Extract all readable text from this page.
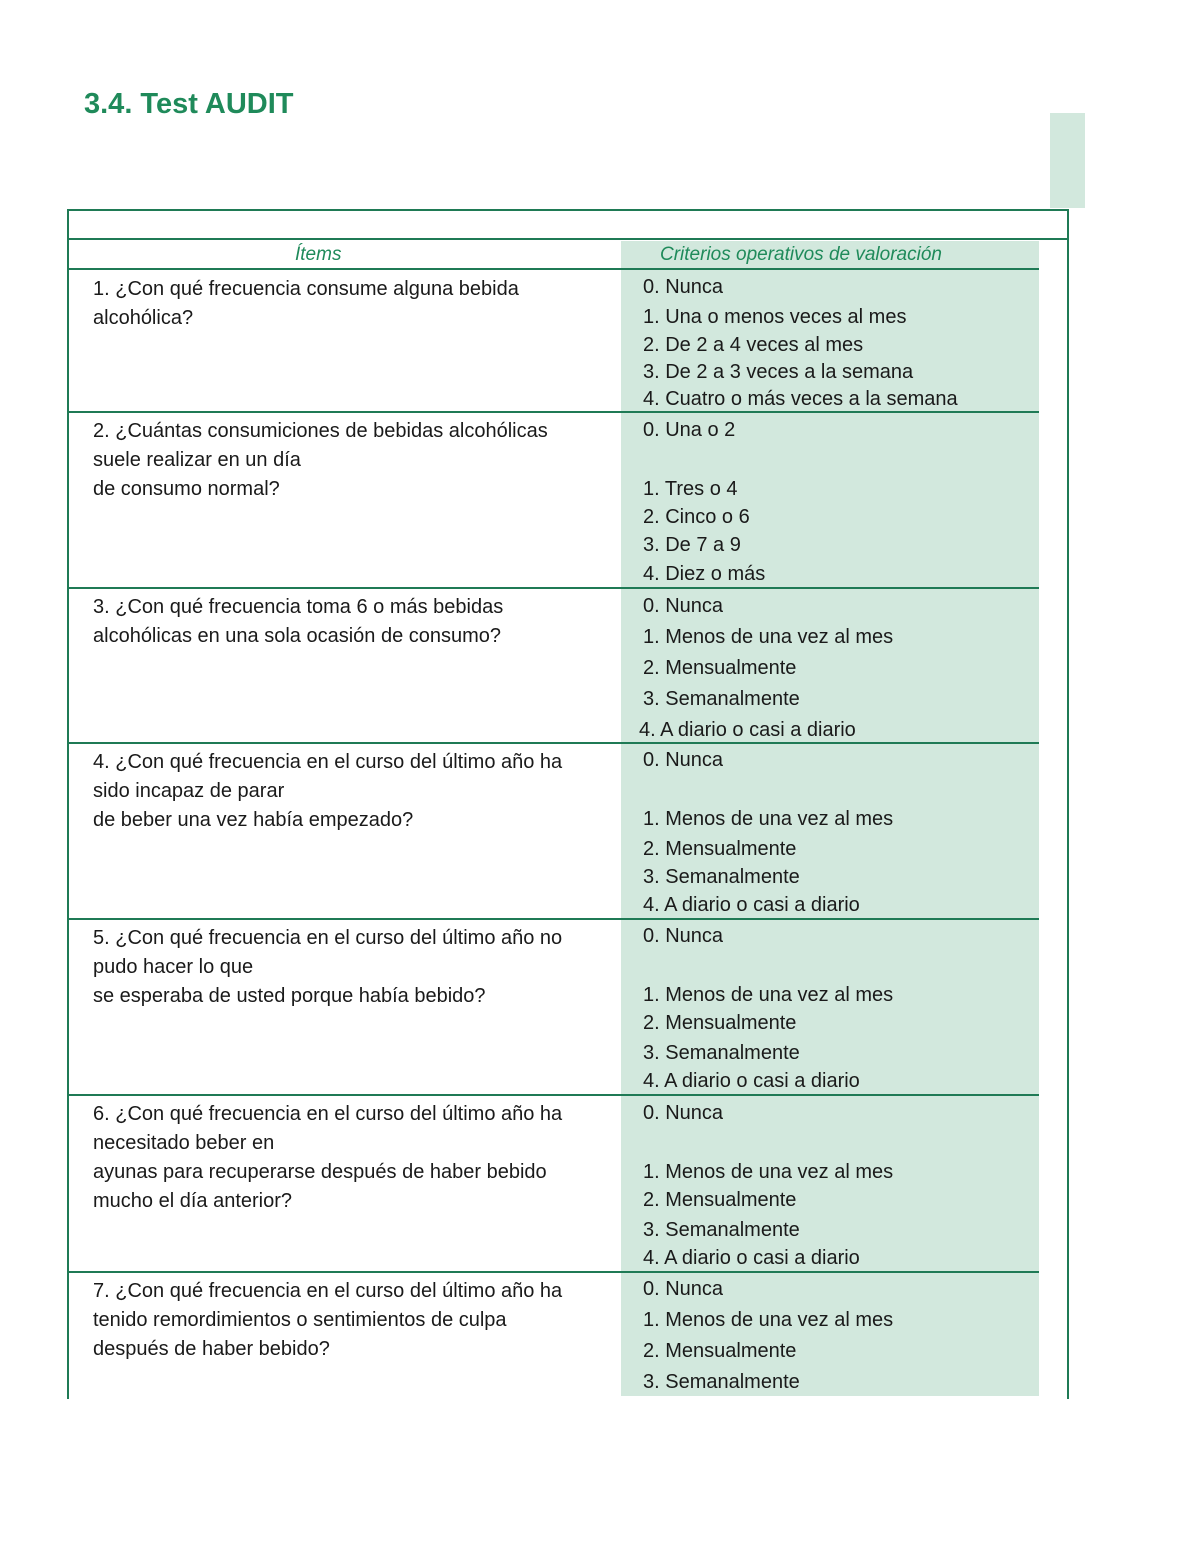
3.4. Test AUDIT
Ítems	Criterios operativos de valoración
1. ¿Con qué frecuencia consume alguna bebida
alcohólica?
0. Nunca
1. Una o menos veces al mes
2. De 2 a 4 veces al mes
3. De 2 a 3 veces a la semana
4. Cuatro o más veces a la semana
2. ¿Cuántas consumiciones de bebidas alcohólicas
suele realizar en un día
de consumo normal?
0. Una o 2
1. Tres o 4
2. Cinco o 6
3. De 7 a 9
4. Diez o más
3. ¿Con qué frecuencia toma 6 o más bebidas
alcohólicas en una sola ocasión de consumo?
0. Nunca
1. Menos de una vez al mes
2. Mensualmente
3. Semanalmente
4. A diario o casi a diario
4. ¿Con qué frecuencia en el curso del último año ha
sido incapaz de parar
de beber una vez había empezado?
0. Nunca
1. Menos de una vez al mes
2. Mensualmente
3. Semanalmente
4. A diario o casi a diario
5. ¿Con qué frecuencia en el curso del último año no
pudo hacer lo que
se esperaba de usted porque había bebido?
0. Nunca
1. Menos de una vez al mes
2. Mensualmente
3. Semanalmente
4. A diario o casi a diario
6. ¿Con qué frecuencia en el curso del último año ha
necesitado beber en
ayunas para recuperarse después de haber bebido
mucho el día anterior?
0. Nunca
1. Menos de una vez al mes
2. Mensualmente
3. Semanalmente
4. A diario o casi a diario
7. ¿Con qué frecuencia en el curso del último año ha
tenido remordimientos o sentimientos de culpa
después de haber bebido?
0. Nunca
1. Menos de una vez al mes
2. Mensualmente
3. Semanalmente
